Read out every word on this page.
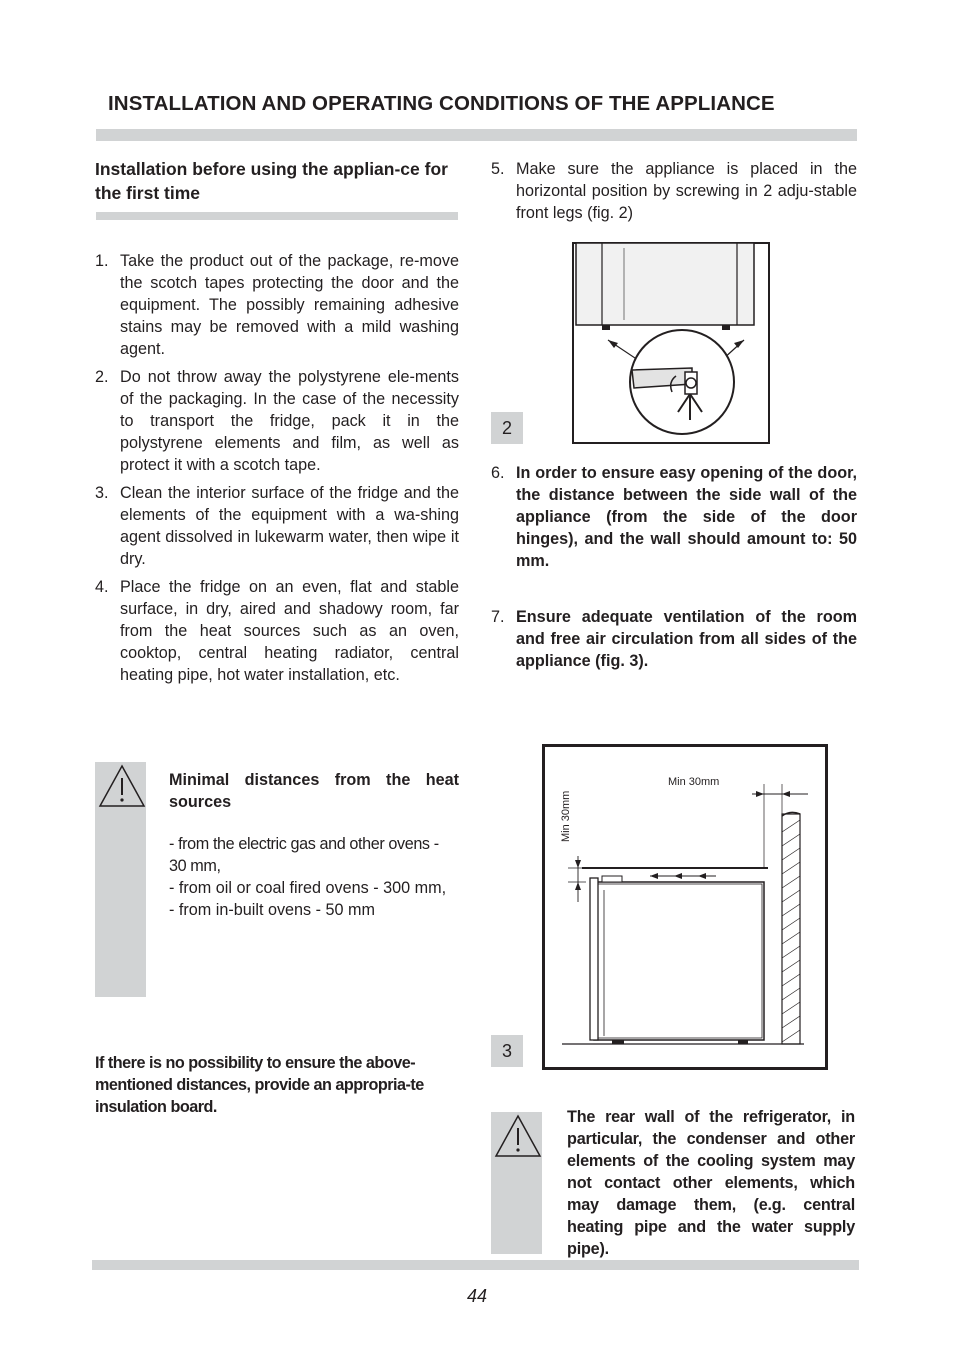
INSTALLATION AND OPERATING CONDITIONS OF THE APPLIANCE
Installation before using the applian-ce for the first time
1. Take the product out of the package, re-move the scotch tapes protecting the door and the equipment. The possibly remaining adhesive stains may be removed with a mild washing agent.
2. Do not throw away the polystyrene ele-ments of the packaging. In the case of the necessity to transport the fridge, pack it in the polystyrene elements and film, as well as protect it with a scotch tape.
3. Clean the interior surface of the fridge and the elements of the equipment with a wa-shing agent dissolved in lukewarm water, then wipe it dry.
4. Place the fridge on an even, flat and stable surface, in dry, aired and shadowy room, far from the heat sources such as an oven, cooktop, central heating radiator, central heating pipe, hot water installation, etc.
5. Make sure the appliance is placed in the horizontal position by screwing in 2 adju-stable front legs (fig. 2)
2
6. In order to ensure easy opening of the door, the distance between the side wall of the appliance (from the side of the door hinges), and the wall should amount to: 50 mm.
7. Ensure adequate ventilation of the room and free air circulation from all sides of the appliance (fig. 3).
Minimal distances from the heat sources
- from the electric gas and other ovens - 30 mm,
- from oil or coal fired ovens - 300 mm,
- from in-built ovens - 50 mm
If there is no possibility to ensure the above-mentioned distances, provide an appropria-te insulation board.
3
Min 30mm
Min 30mm
The rear wall of the refrigerator, in particular, the condenser and other elements of the cooling system may not contact other elements, which may damage them, (e.g. central heating pipe and the water supply pipe).
44
